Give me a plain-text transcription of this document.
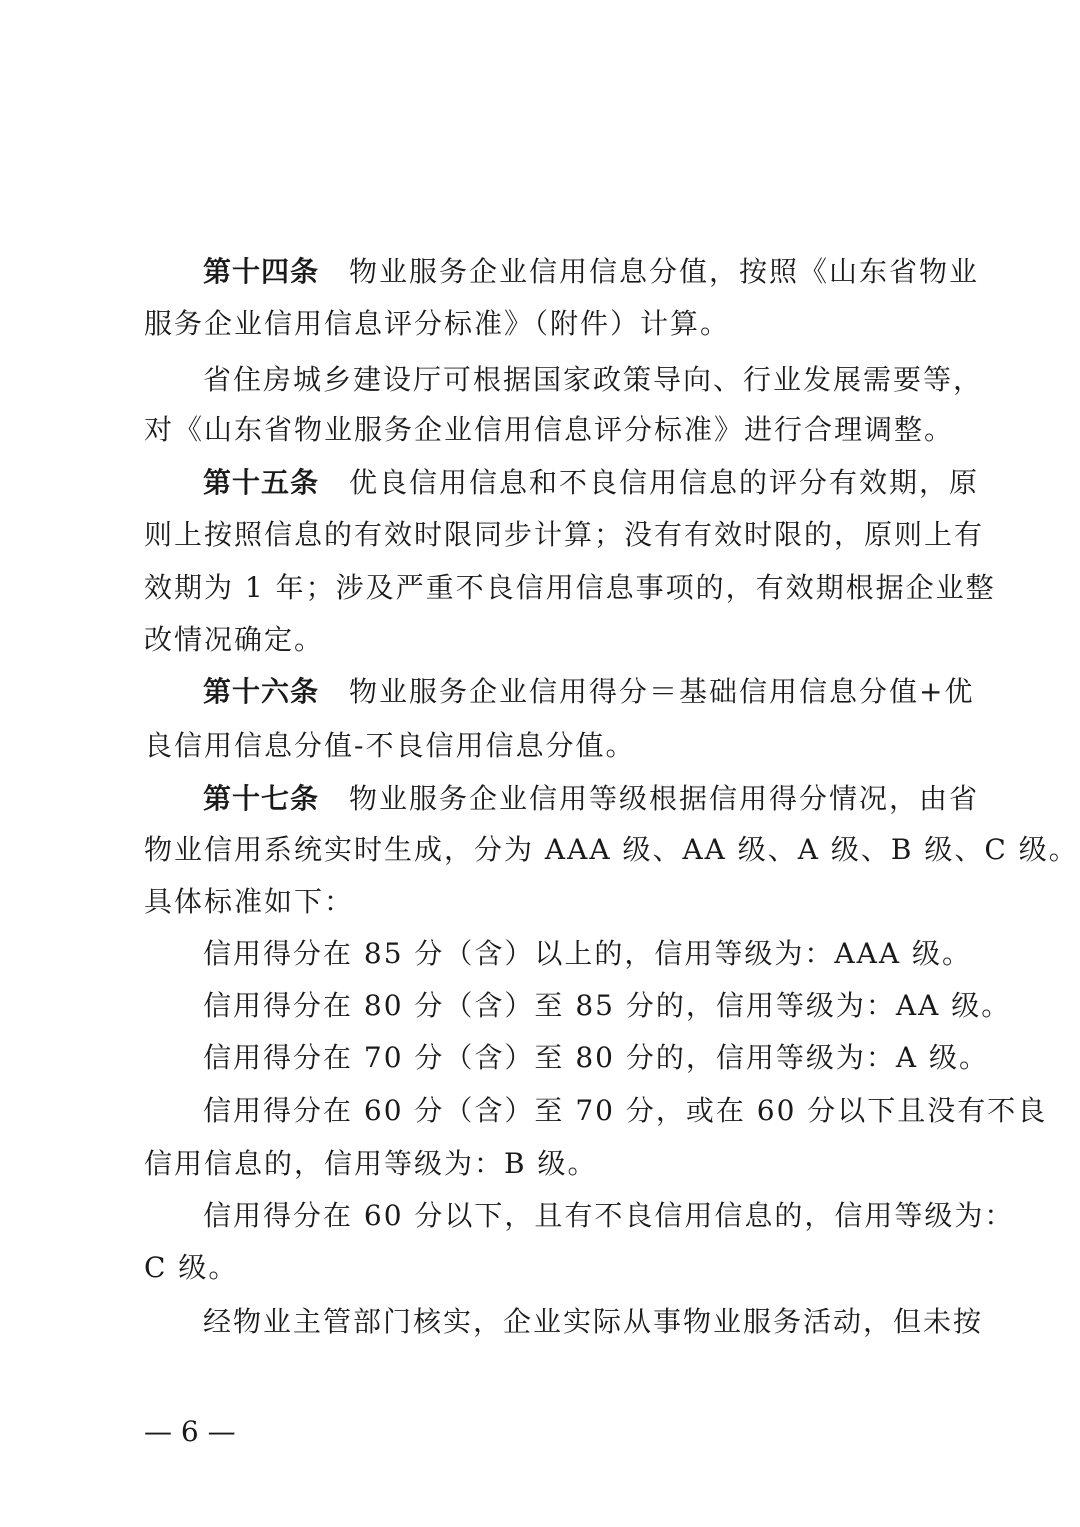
第十四条 物业服务企业信用信息分值，按照《山东省物业
服务企业信用信息评分标准》（附件）计算。
省住房城乡建设厅可根据国家政策导向、行业发展需要等，
对《山东省物业服务企业信用信息评分标准》进行合理调整。
第十五条 优良信用信息和不良信用信息的评分有效期，原
则上按照信息的有效时限同步计算；没有有效时限的，原则上有
效期为 1 年；涉及严重不良信用信息事项的，有效期根据企业整
改情况确定。
第十六条 物业服务企业信用得分＝基础信用信息分值+优
良信用信息分值-不良信用信息分值。
第十七条 物业服务企业信用等级根据信用得分情况，由省
物业信用系统实时生成，分为 AAA 级、AA 级、A 级、B 级、C 级。
具体标准如下：
信用得分在 85 分（含）以上的，信用等级为：AAA 级。
信用得分在 80 分（含）至 85 分的，信用等级为：AA 级。
信用得分在 70 分（含）至 80 分的，信用等级为：A 级。
信用得分在 60 分（含）至 70 分，或在 60 分以下且没有不良
信用信息的，信用等级为：B 级。
信用得分在 60 分以下，且有不良信用信息的，信用等级为：
C 级。
经物业主管部门核实，企业实际从事物业服务活动，但未按
— 6 —
